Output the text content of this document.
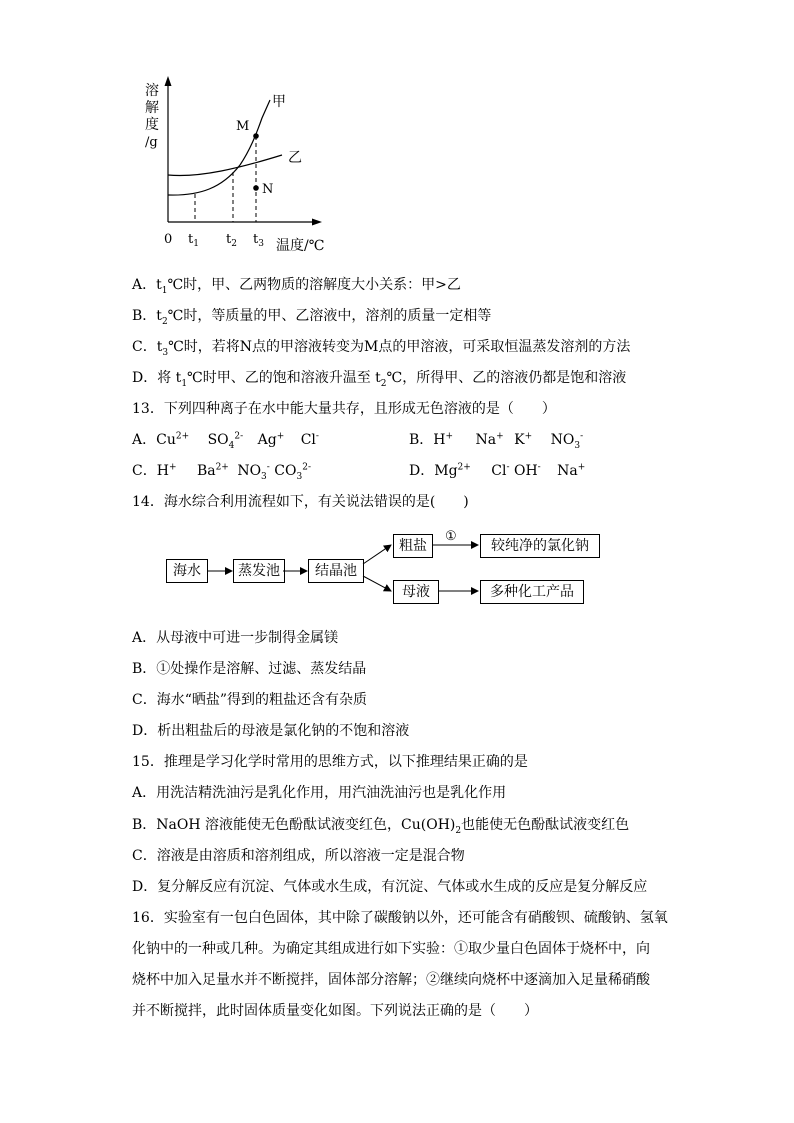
溶
解
度
/g
甲
乙
M
N
0 $t_1$ $t_2$ $t_3$ 温度/℃
A．$t_1℃$时，甲、乙两物质的溶解度大小关系：甲>乙
B．$t_2℃$时，等质量的甲、乙溶液中，溶剂的质量一定相等
C．$t_3℃$时，若将N点的甲溶液转变为M点的甲溶液，可采取恒温蒸发溶剂的方法
D．将 $t_1℃$时甲、乙的饱和溶液升温至 $t_2℃$，所得甲、乙的溶液仍都是饱和溶液
13．下列四种离子在水中能大量共存，且形成无色溶液的是（　　）
A．$Cu^{2+}$ $SO_4^{2-}$ Ag+ Cl-	B．H+ Na+ K+ $NO_3^-$
C．H+ $Ba^{2+}$ $NO_3^-$ $CO_3^{2-}$	D．$Mg^{2+}$ Cl- OH- Na+
14．海水综合利用流程如下，有关说法错误的是(　　)
①
海水	蒸发池	结晶池
粗盐
母液
较纯净的氯化钠
多种化工产品
A．从母液中可进一步制得金属镁
B．①处操作是溶解、过滤、蒸发结晶
C．海水“晒盐”得到的粗盐还含有杂质
D．析出粗盐后的母液是氯化钠的不饱和溶液
15．推理是学习化学时常用的思维方式，以下推理结果正确的是
A．用洗洁精洗油污是乳化作用，用汽油洗油污也是乳化作用
B．NaOH 溶液能使无色酚酞试液变红色，$Cu(OH)_2$也能使无色酚酞试液变红色
C．溶液是由溶质和溶剂组成，所以溶液一定是混合物
D．复分解反应有沉淀、气体或水生成，有沉淀、气体或水生成的反应是复分解反应
16．实验室有一包白色固体，其中除了碳酸钠以外，还可能含有硝酸钡、硫酸钠、氢氧
化钠中的一种或几种。为确定其组成进行如下实验：①取少量白色固体于烧杯中，向
烧杯中加入足量水并不断搅拌，固体部分溶解；②继续向烧杯中逐滴加入足量稀硝酸
并不断搅拌，此时固体质量变化如图。下列说法正确的是（　　）
